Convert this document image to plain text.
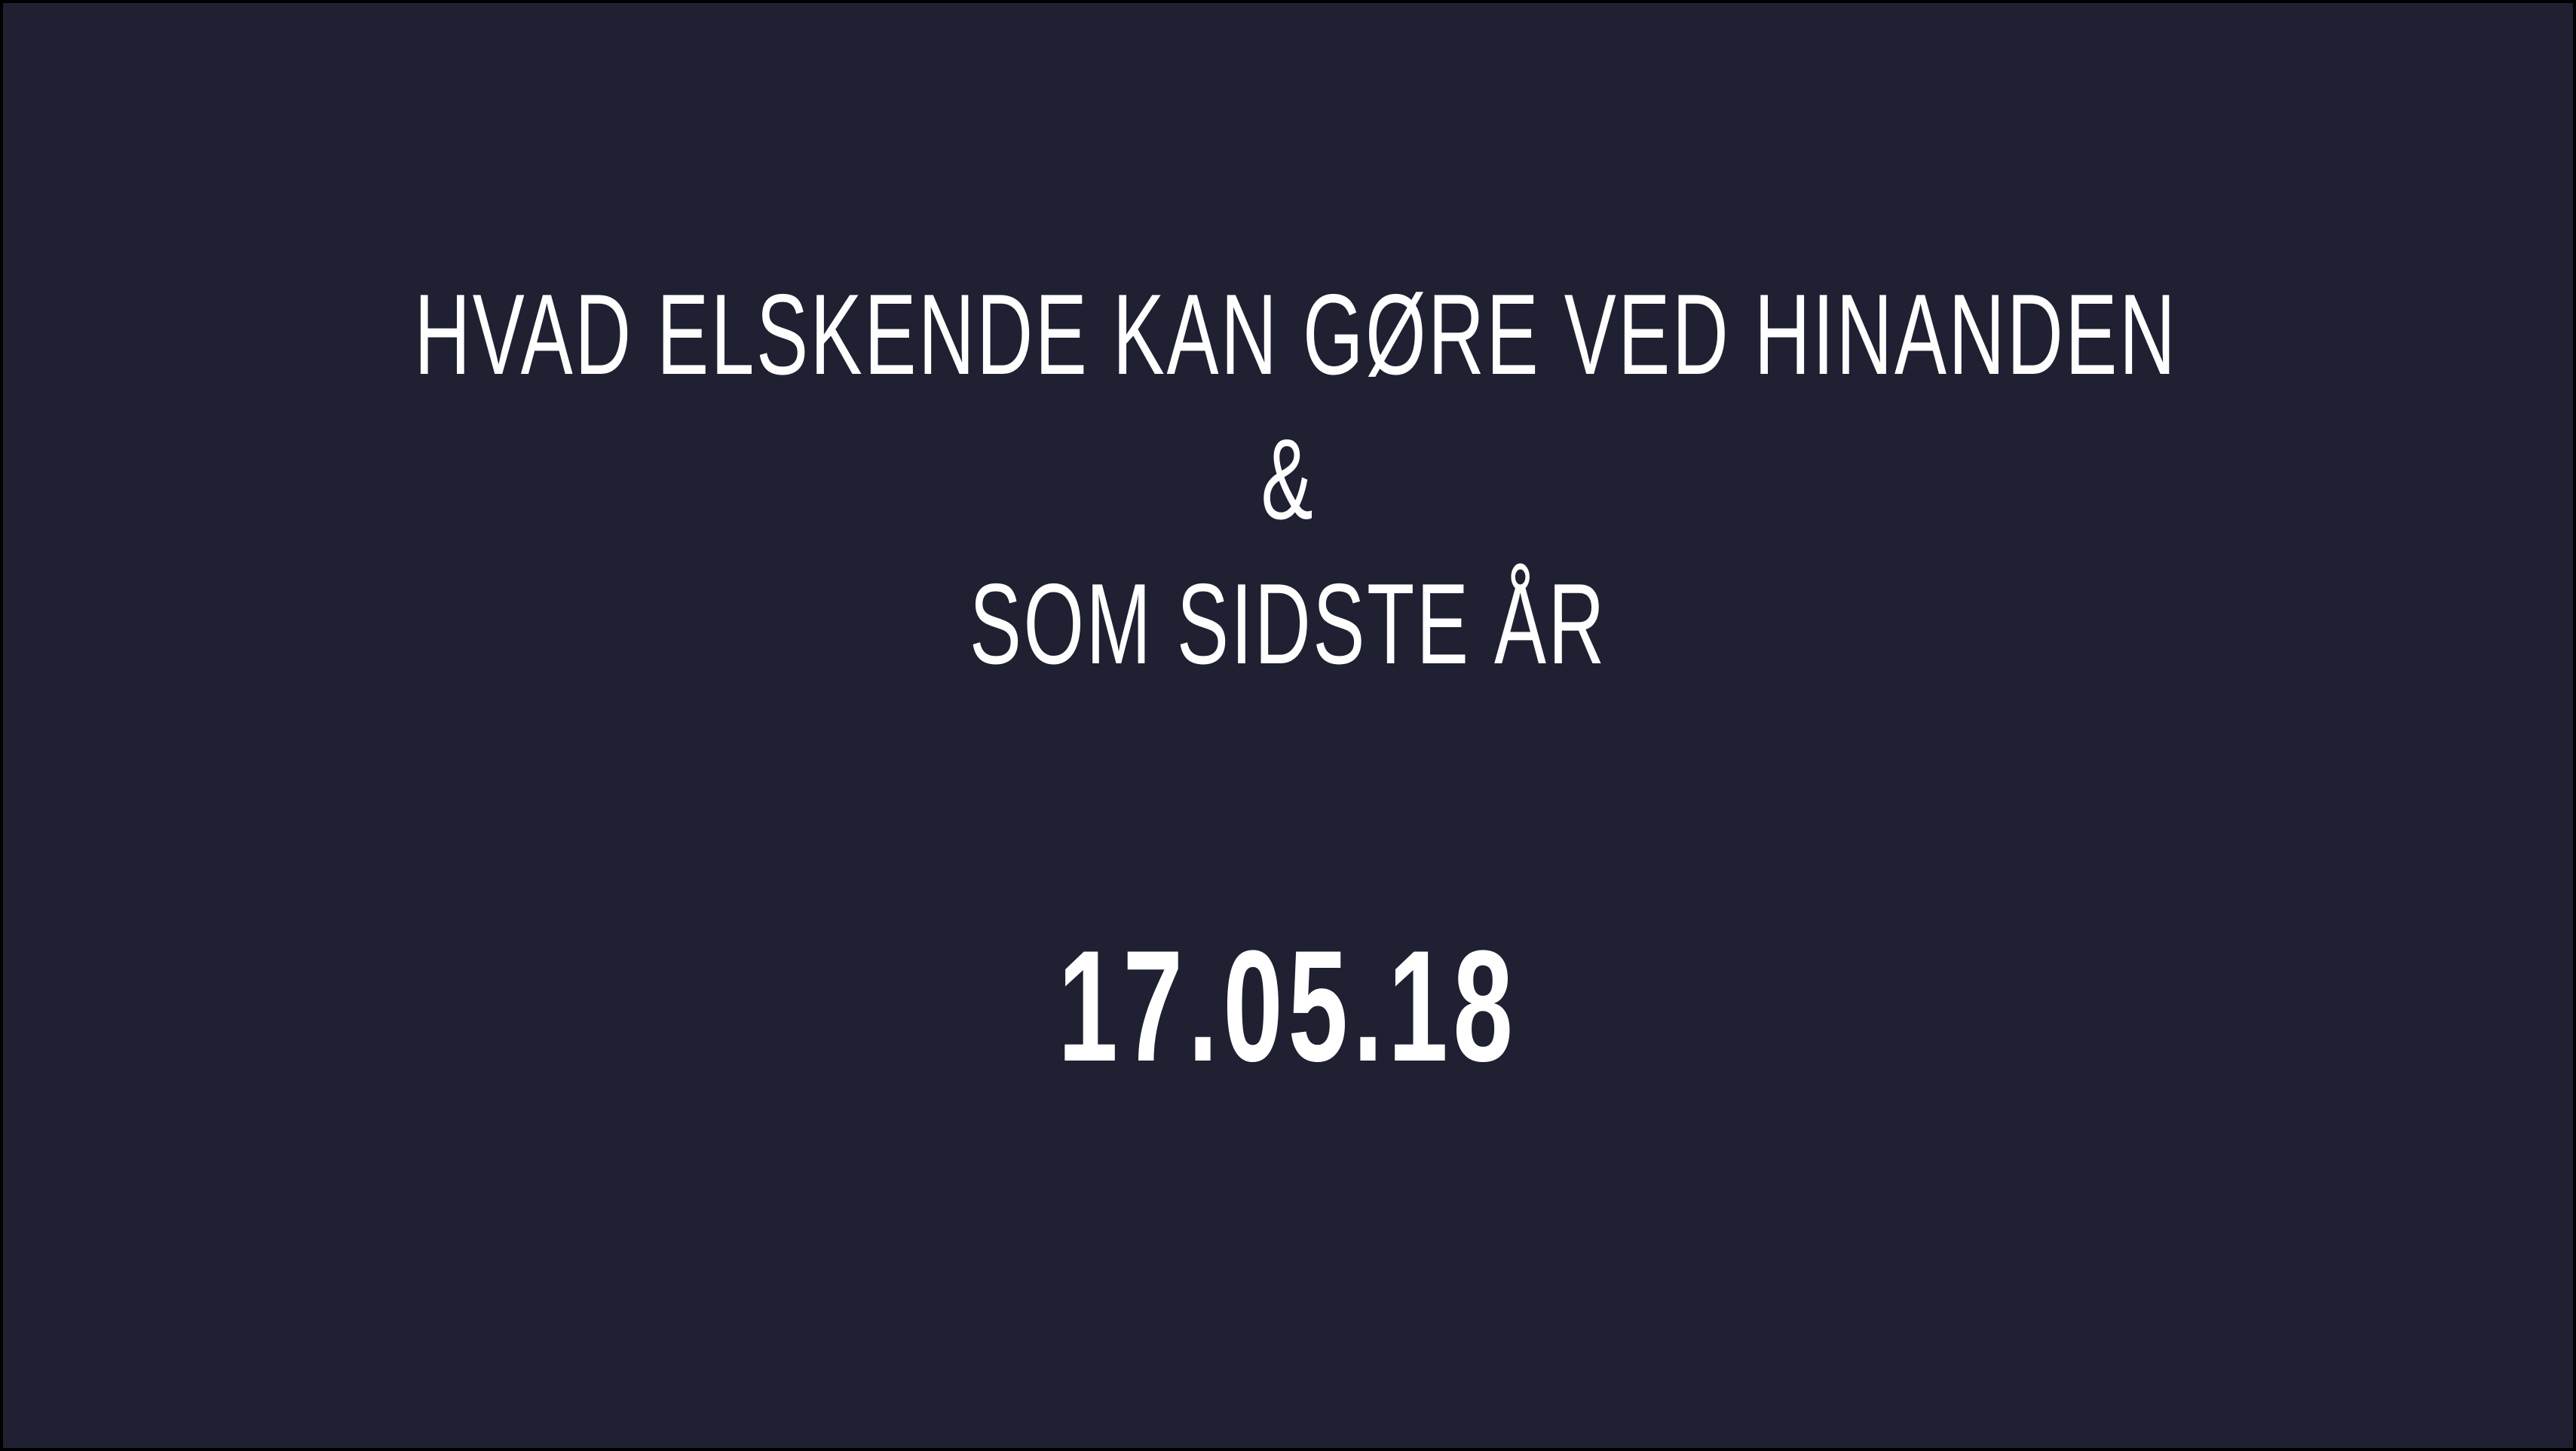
HVAD ELSKENDE KAN GØRE VED HINANDEN
&
SOM SIDSTE ÅR
17.05.18
